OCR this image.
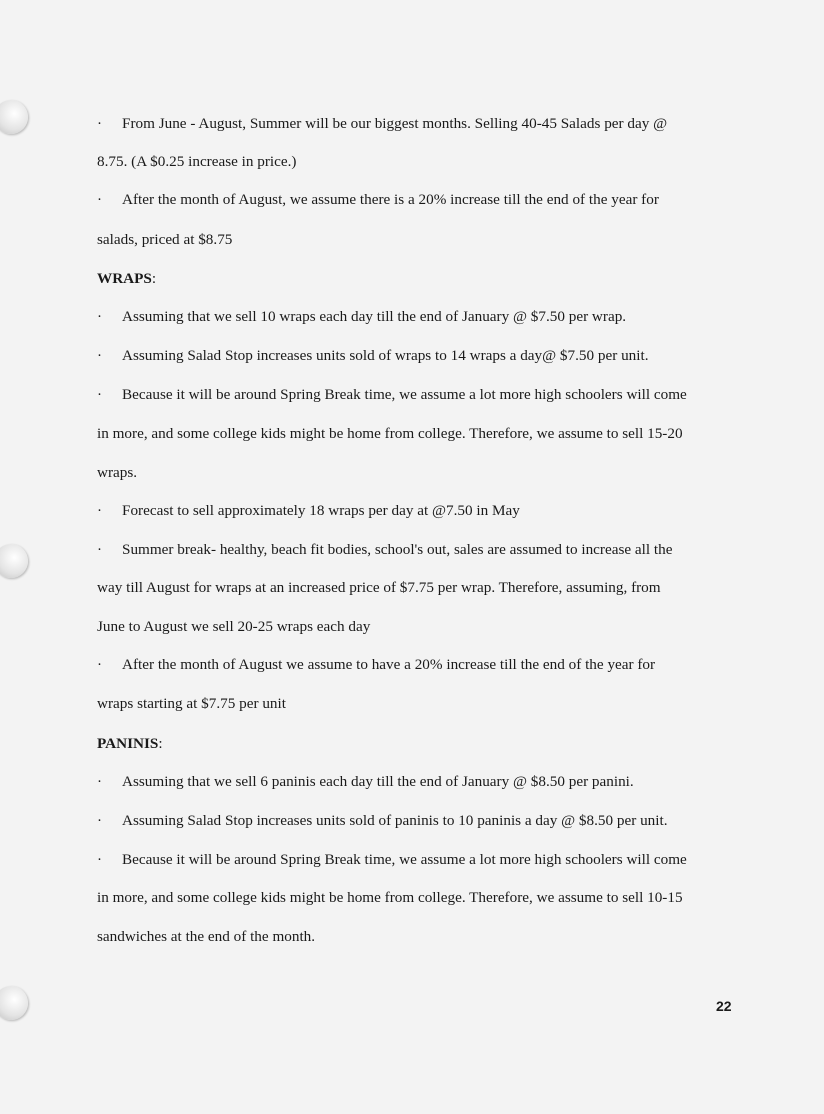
· From June - August, Summer will be our biggest months. Selling 40-45 Salads per day @
8.75. (A $0.25 increase in price.)
· After the month of August, we assume there is a 20% increase till the end of the year for
salads, priced at $8.75
WRAPS:
· Assuming that we sell 10 wraps each day till the end of January @ $7.50 per wrap.
· Assuming Salad Stop increases units sold of wraps to 14 wraps a day@ $7.50 per unit.
· Because it will be around Spring Break time, we assume a lot more high schoolers will come
in more, and some college kids might be home from college. Therefore, we assume to sell 15-20
wraps.
· Forecast to sell approximately 18 wraps per day at @7.50 in May
· Summer break- healthy, beach fit bodies, school's out, sales are assumed to increase all the
way till August for wraps at an increased price of $7.75 per wrap. Therefore, assuming, from
June to August we sell 20-25 wraps each day
· After the month of August we assume to have a 20% increase till the end of the year for
wraps starting at $7.75 per unit
PANINIS:
· Assuming that we sell 6 paninis each day till the end of January @ $8.50 per panini.
· Assuming Salad Stop increases units sold of paninis to 10 paninis a day @ $8.50 per unit.
· Because it will be around Spring Break time, we assume a lot more high schoolers will come
in more, and some college kids might be home from college. Therefore, we assume to sell 10-15
sandwiches at the end of the month.
22
